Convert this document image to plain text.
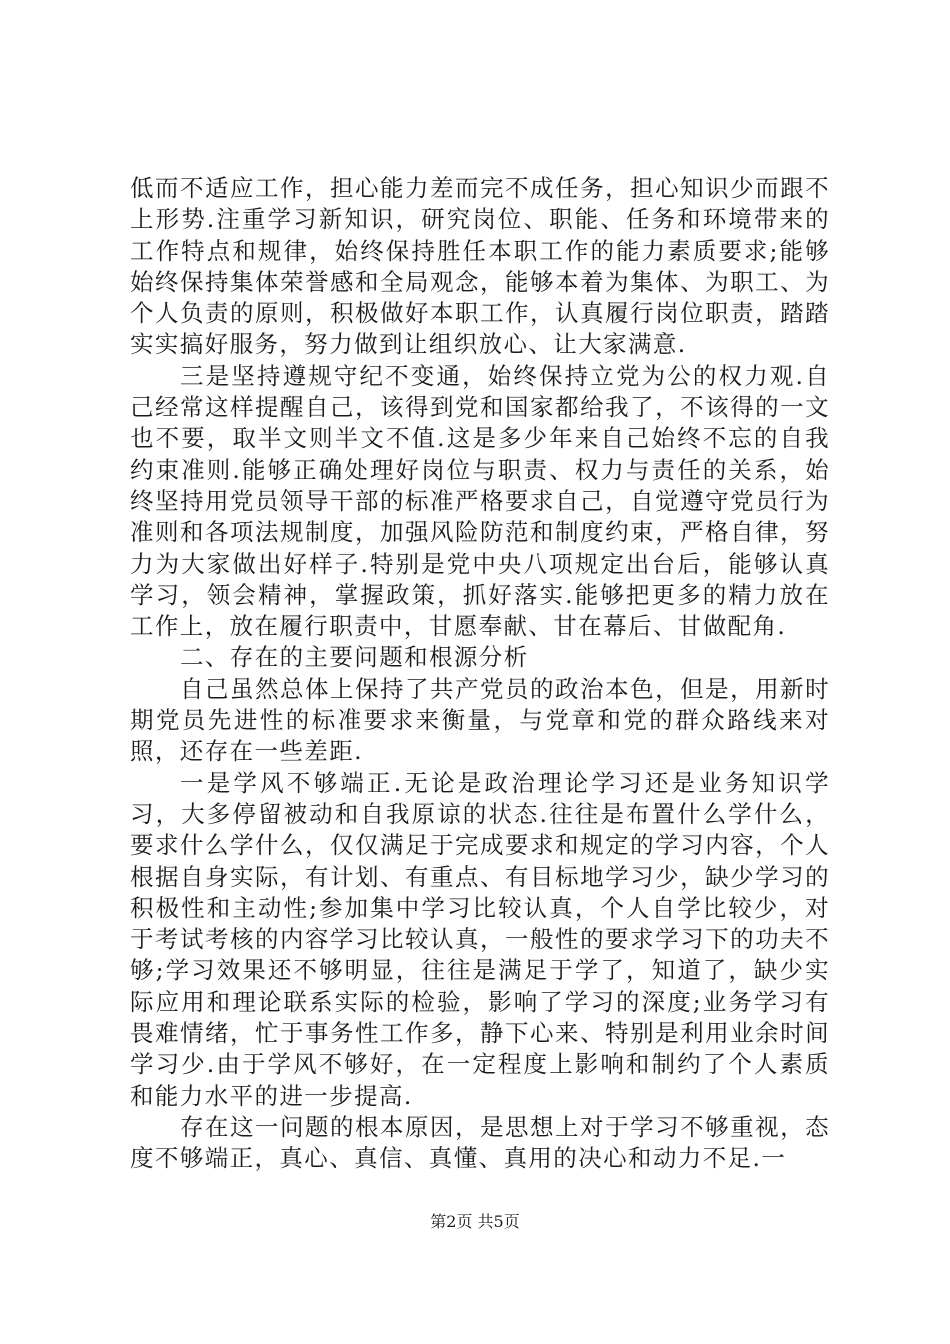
低而不适应工作，担心能力差而完不成任务，担心知识少而跟不上形势.注重学习新知识，研究岗位、职能、任务和环境带来的工作特点和规律，始终保持胜任本职工作的能力素质要求;能够始终保持集体荣誉感和全局观念，能够本着为集体、为职工、为个人负责的原则，积极做好本职工作，认真履行岗位职责，踏踏实实搞好服务，努力做到让组织放心、让大家满意.

三是坚持遵规守纪不变通，始终保持立党为公的权力观.自己经常这样提醒自己，该得到党和国家都给我了，不该得的一文也不要，取半文则半文不值.这是多少年来自己始终不忘的自我约束准则.能够正确处理好岗位与职责、权力与责任的关系，始终坚持用党员领导干部的标准严格要求自己，自觉遵守党员行为准则和各项法规制度，加强风险防范和制度约束，严格自律，努力为大家做出好样子.特别是党中央八项规定出台后，能够认真学习，领会精神，掌握政策，抓好落实.能够把更多的精力放在工作上，放在履行职责中，甘愿奉献、甘在幕后、甘做配角.

二、存在的主要问题和根源分析

自己虽然总体上保持了共产党员的政治本色，但是，用新时期党员先进性的标准要求来衡量，与党章和党的群众路线来对照，还存在一些差距.

一是学风不够端正.无论是政治理论学习还是业务知识学习，大多停留被动和自我原谅的状态.往往是布置什么学什么，要求什么学什么，仅仅满足于完成要求和规定的学习内容，个人根据自身实际，有计划、有重点、有目标地学习少，缺少学习的积极性和主动性;参加集中学习比较认真，个人自学比较少，对于考试考核的内容学习比较认真，一般性的要求学习下的功夫不够;学习效果还不够明显，往往是满足于学了，知道了，缺少实际应用和理论联系实际的检验，影响了学习的深度;业务学习有畏难情绪，忙于事务性工作多，静下心来、特别是利用业余时间学习少.由于学风不够好，在一定程度上影响和制约了个人素质和能力水平的进一步提高.

存在这一问题的根本原因，是思想上对于学习不够重视，态度不够端正，真心、真信、真懂、真用的决心和动力不足.一

第2页 共5页
